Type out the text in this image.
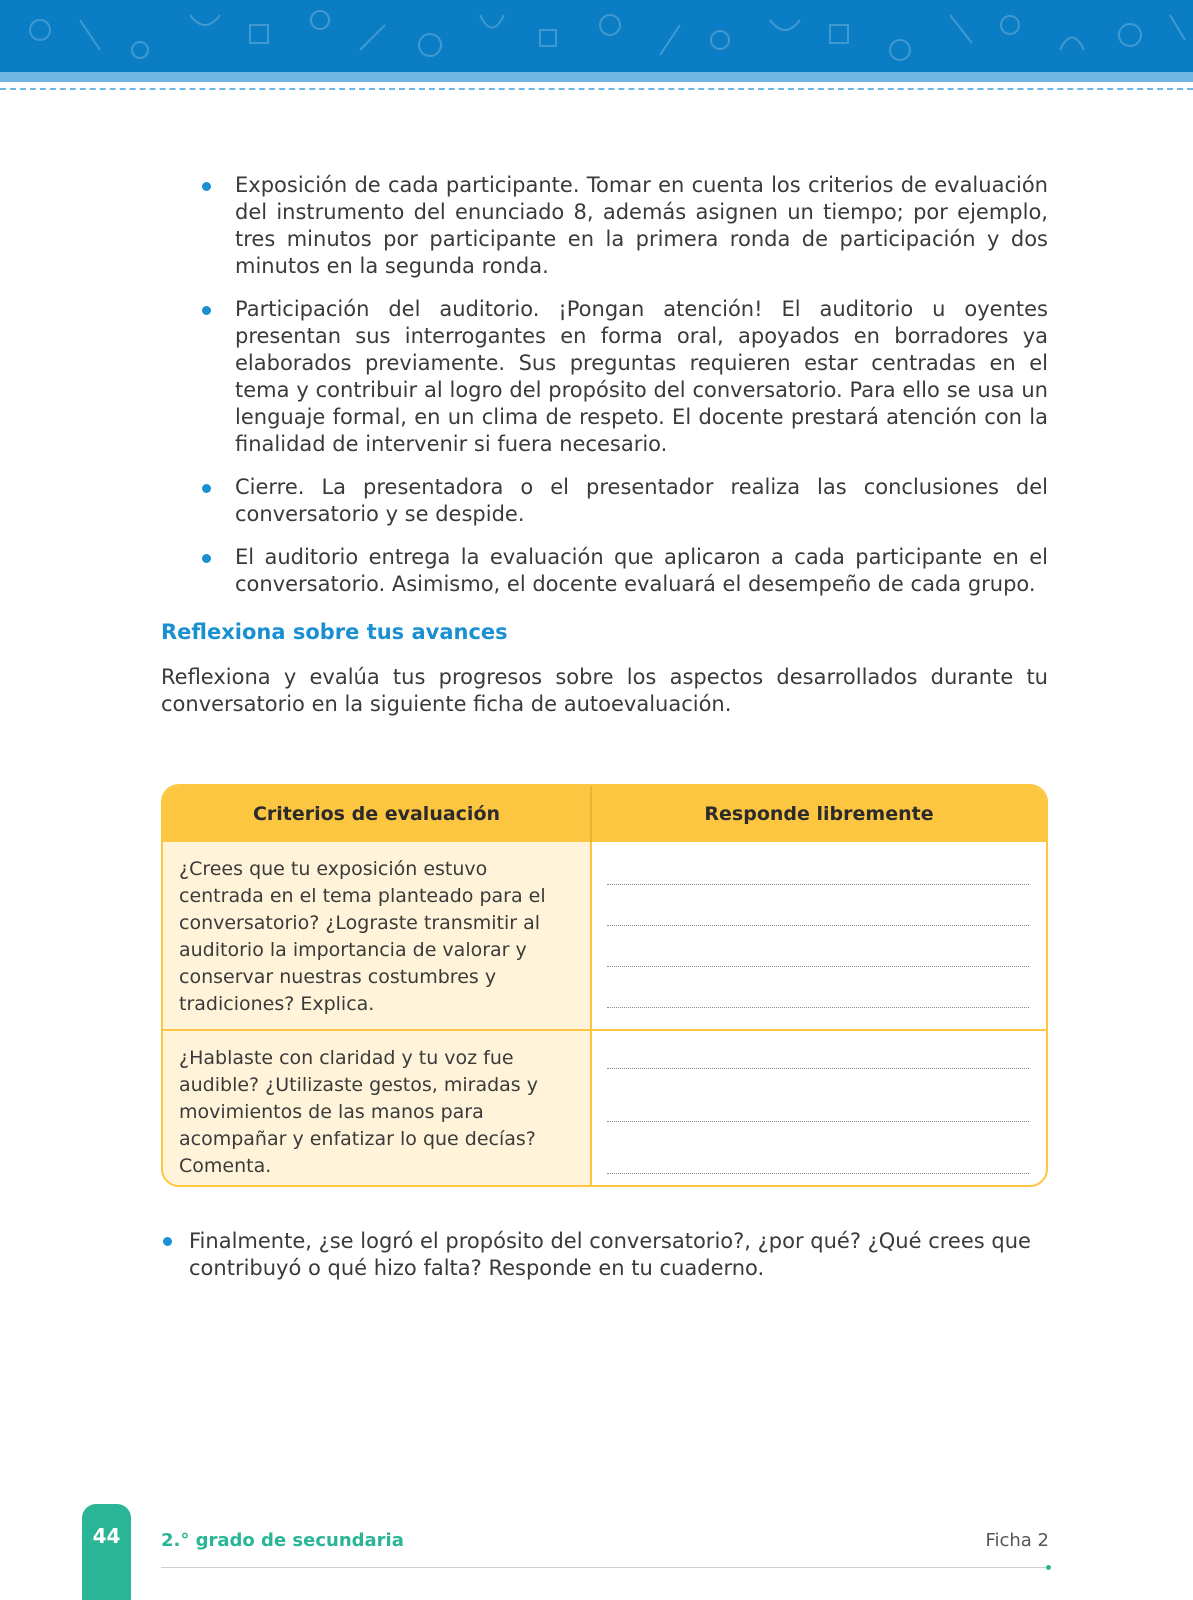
Exposición de cada participante. Tomar en cuenta los criterios de evaluación del instrumento del enunciado 8, además asignen un tiempo; por ejemplo, tres minutos por participante en la primera ronda de participación y dos minutos en la segunda ronda.
Participación del auditorio. ¡Pongan atención! El auditorio u oyentes presentan sus interrogantes en forma oral, apoyados en borradores ya elaborados previamente. Sus preguntas requieren estar centradas en el tema y contribuir al logro del propósito del conversatorio. Para ello se usa un lenguaje formal, en un clima de respeto. El docente prestará atención con la finalidad de intervenir si fuera necesario.
Cierre. La presentadora o el presentador realiza las conclusiones del conversatorio y se despide.
El auditorio entrega la evaluación que aplicaron a cada participante en el conversatorio. Asimismo, el docente evaluará el desempeño de cada grupo.
Reflexiona sobre tus avances
Reflexiona y evalúa tus progresos sobre los aspectos desarrollados durante tu conversatorio en la siguiente ficha de autoevaluación.
Criterios de evaluación	Responde libremente
¿Crees que tu exposición estuvo centrada en el tema planteado para el conversatorio? ¿Lograste transmitir al auditorio la importancia de valorar y conservar nuestras costumbres y tradiciones? Explica.
¿Hablaste con claridad y tu voz fue audible? ¿Utilizaste gestos, miradas y movimientos de las manos para acompañar y enfatizar lo que decías? Comenta.
Finalmente, ¿se logró el propósito del conversatorio?, ¿por qué? ¿Qué crees que contribuyó o qué hizo falta? Responde en tu cuaderno.
44	2.° grado de secundaria	Ficha 2
